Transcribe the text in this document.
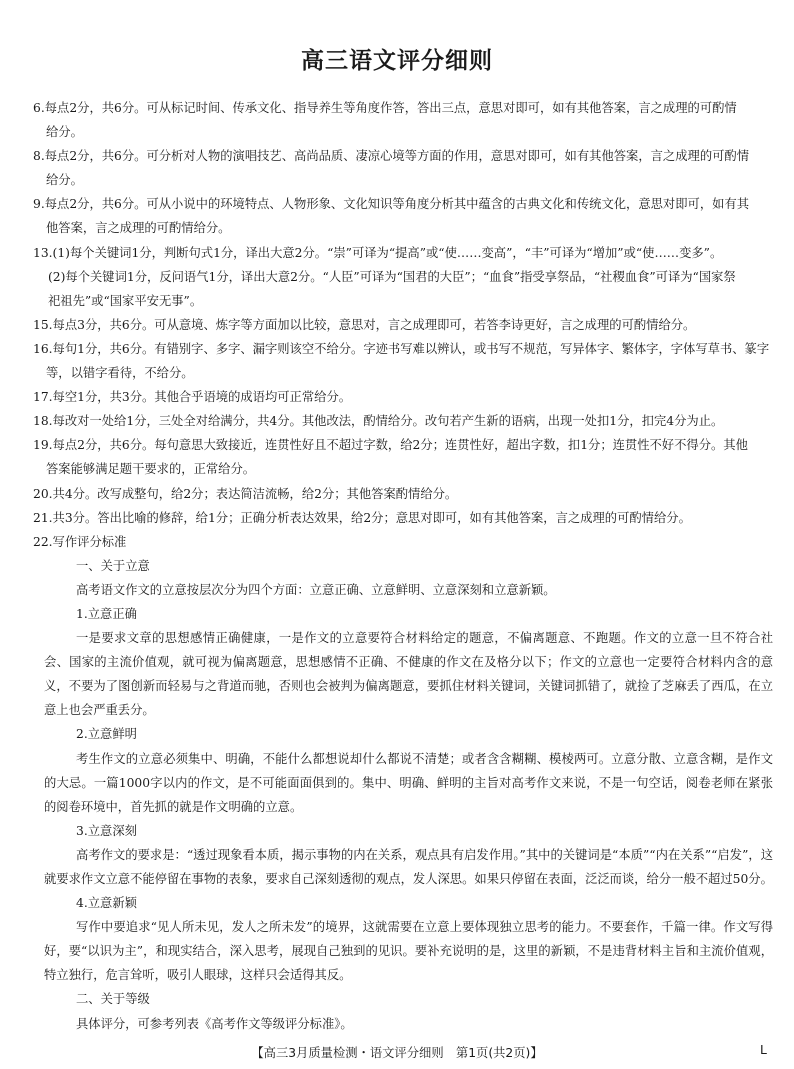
高三语文评分细则

6.每点2分，共6分。可从标记时间、传承文化、指导养生等角度作答，答出三点，意思对即可，如有其他答案，言之成理的可酌情

给分。

8.每点2分，共6分。可分析对人物的演唱技艺、高尚品质、凄凉心境等方面的作用，意思对即可，如有其他答案，言之成理的可酌情

给分。

9.每点2分，共6分。可从小说中的环境特点、人物形象、文化知识等角度分析其中蕴含的古典文化和传统文化，意思对即可，如有其

他答案，言之成理的可酌情给分。

13.(1)每个关键词1分，判断句式1分，译出大意2分。“崇”可译为“提高”或“使……变高”，“丰”可译为“增加”或“使……变多”。

(2)每个关键词1分，反问语气1分，译出大意2分。“人臣”可译为“国君的大臣”；“血食”指受享祭品，“社稷血食”可译为“国家祭

祀祖先”或“国家平安无事”。

15.每点3分，共6分。可从意境、炼字等方面加以比较，意思对，言之成理即可，若答李诗更好，言之成理的可酌情给分。

16.每句1分，共6分。有错别字、多字、漏字则该空不给分。字迹书写难以辨认，或书写不规范，写异体字、繁体字，字体写草书、篆字

等，以错字看待，不给分。

17.每空1分，共3分。其他合乎语境的成语均可正常给分。

18.每改对一处给1分，三处全对给满分，共4分。其他改法，酌情给分。改句若产生新的语病，出现一处扣1分，扣完4分为止。

19.每点2分，共6分。每句意思大致接近，连贯性好且不超过字数，给2分；连贯性好，超出字数，扣1分；连贯性不好不得分。其他

答案能够满足题干要求的，正常给分。

20.共4分。改写成整句，给2分；表达简洁流畅，给2分；其他答案酌情给分。

21.共3分。答出比喻的修辞，给1分；正确分析表达效果，给2分；意思对即可，如有其他答案，言之成理的可酌情给分。

22.写作评分标准

一、关于立意

高考语文作文的立意按层次分为四个方面：立意正确、立意鲜明、立意深刻和立意新颖。

1.立意正确

一是要求文章的思想感情正确健康，一是作文的立意要符合材料给定的题意，不偏离题意、不跑题。作文的立意一旦不符合社会、国家的主流价值观，就可视为偏离题意，思想感情不正确、不健康的作文在及格分以下；作文的立意也一定要符合材料内含的意义，不要为了图创新而轻易与之背道而驰，否则也会被判为偏离题意，要抓住材料关键词，关键词抓错了，就捡了芝麻丢了西瓜，在立意上也会严重丢分。

2.立意鲜明

考生作文的立意必须集中、明确，不能什么都想说却什么都说不清楚；或者含含糊糊、模棱两可。立意分散、立意含糊，是作文的大忌。一篇1000字以内的作文，是不可能面面俱到的。集中、明确、鲜明的主旨对高考作文来说，不是一句空话，阅卷老师在紧张的阅卷环境中，首先抓的就是作文明确的立意。

3.立意深刻

高考作文的要求是：“透过现象看本质，揭示事物的内在关系，观点具有启发作用。”其中的关键词是“本质”“内在关系”“启发”，这就要求作文立意不能停留在事物的表象，要求自己深刻透彻的观点，发人深思。如果只停留在表面，泛泛而谈，给分一般不超过50分。

4.立意新颖

写作中要追求“见人所未见，发人之所未发”的境界，这就需要在立意上要体现独立思考的能力。不要套作，千篇一律。作文写得好，要“以识为主”，和现实结合，深入思考，展现自己独到的见识。要补充说明的是，这里的新颖，不是违背材料主旨和主流价值观，特立独行，危言耸听，吸引人眼球，这样只会适得其反。

二、关于等级

具体评分，可参考列表《高考作文等级评分标准》。

【高三3月质量检测・语文评分细则　第1页(共2页)】	L
